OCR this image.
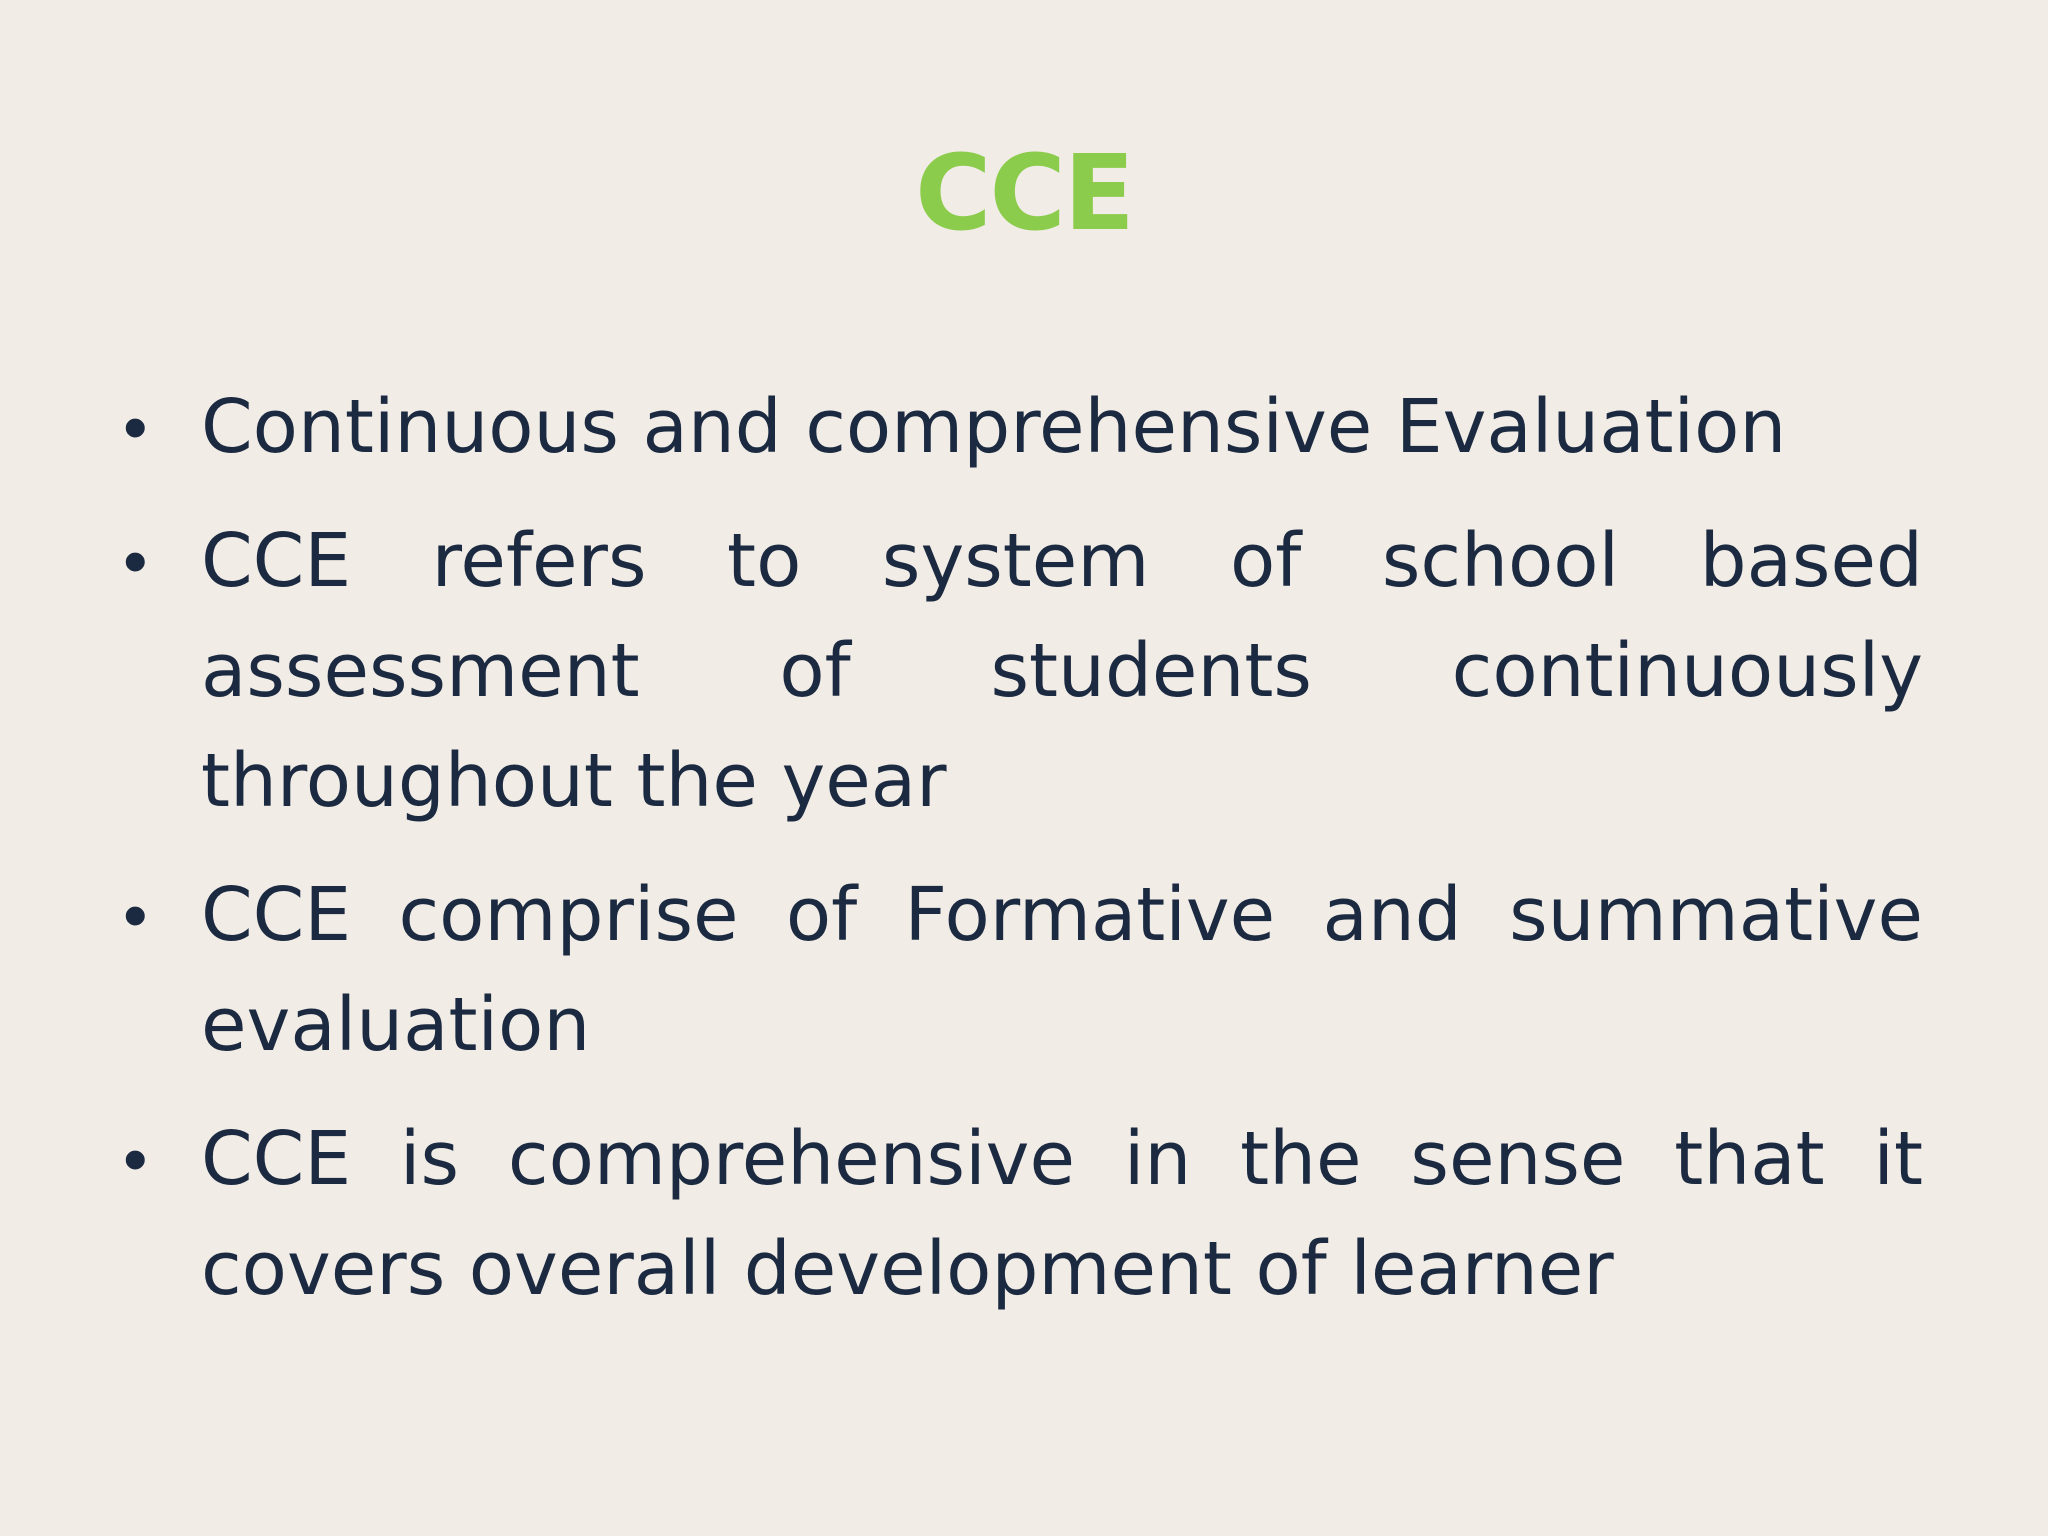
CCE
• Continuous and comprehensive Evaluation
• CCE refers to system of school based assessment of students continuously throughout the year
• CCE comprise of Formative and summative evaluation
• CCE is comprehensive in the sense that it covers overall development of learner
